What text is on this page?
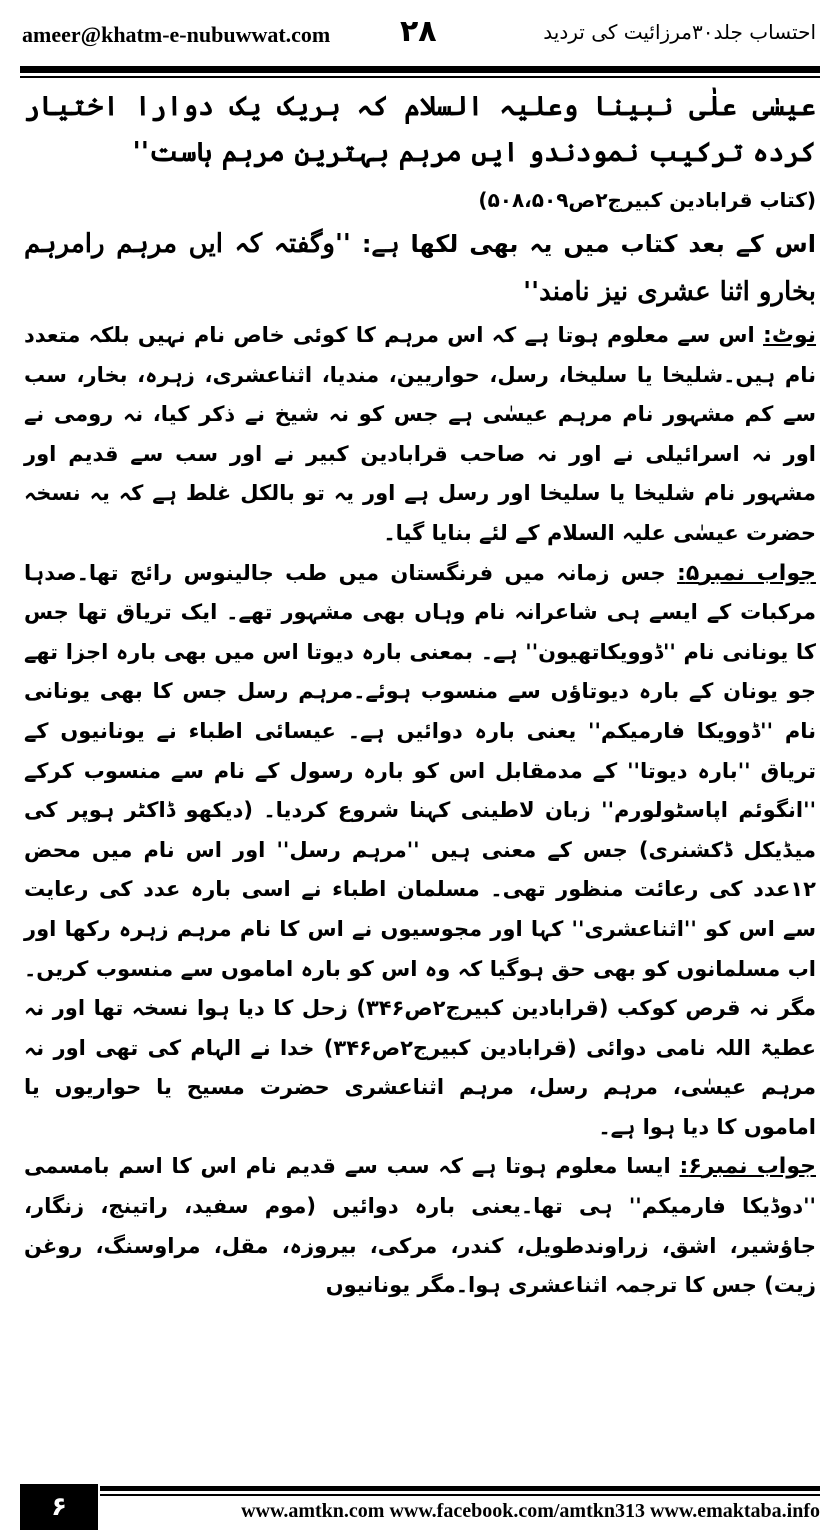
ameer@khatm-e-nubuwwat.com ۲۸	احتساب جلد۳۰مرزائیت کی تردید

عیسٰی علٰی نبینا وعلیہ السلام کہ ہریک یک دوارا اختیار کردہ ترکیب نمودندو ایں مرہم بہترین مرہم ہاست''

(کتاب قرابادین کبیرج۲ص۵۰۸،۵۰۹)

اس کے بعد کتاب میں یہ بھی لکھا ہے: ''وگفتہ کہ ایں مرہم رامرہم بخارو اثنا عشری نیز نامند''

نوٹ: اس سے معلوم ہوتا ہے کہ اس مرہم کا کوئی خاص نام نہیں بلکہ متعدد نام ہیں۔شلیخا یا سلیخا، رسل، حواریین، مندیا، اثناعشری، زہرہ، بخار، سب سے کم مشہور نام مرہم عیسٰی ہے جس کو نہ شیخ نے ذکر کیا، نہ رومی نے اور نہ اسرائیلی نے اور نہ صاحب قرابادین کبیر نے اور سب سے قدیم اور مشہور نام شلیخا یا سلیخا اور رسل ہے اور یہ تو بالکل غلط ہے کہ یہ نسخہ حضرت عیسٰی علیہ السلام کے لئے بنایا گیا۔

جواب نمبر۵: جس زمانہ میں فرنگستان میں طب جالینوس رائج تھا۔صدہا مرکبات کے ایسے ہی شاعرانہ نام وہاں بھی مشہور تھے۔ ایک تریاق تھا جس کا یونانی نام ''ڈوویکاتھیون'' ہے۔ بمعنی بارہ دیوتا اس میں بھی بارہ اجزا تھے جو یونان کے بارہ دیوتاؤں سے منسوب ہوئے۔مرہم رسل جس کا بھی یونانی نام ''ڈوویکا فارمیکم'' یعنی بارہ دوائیں ہے۔ عیسائی اطباء نے یونانیوں کے تریاق ''بارہ دیوتا'' کے مدمقابل اس کو بارہ رسول کے نام سے منسوب کرکے ''انگوئم اپاسٹولورم'' زبان لاطینی کہنا شروع کردیا۔ (دیکھو ڈاکٹر ہوپر کی میڈیکل ڈکشنری) جس کے معنی ہیں ''مرہم رسل'' اور اس نام میں محض ۱۲عدد کی رعائت منظور تھی۔ مسلمان اطباء نے اسی بارہ عدد کی رعایت سے اس کو ''اثناعشری'' کہا اور مجوسیوں نے اس کا نام مرہم زہرہ رکھا اور اب مسلمانوں کو بھی حق ہوگیا کہ وہ اس کو بارہ اماموں سے منسوب کریں۔مگر نہ قرص کوکب (قرابادین کبیرج۲ص۳۴۶) زحل کا دیا ہوا نسخہ تھا اور نہ عطیۃ اللہ نامی دوائی (قرابادین کبیرج۲ص۳۴۶) خدا نے الہام کی تھی اور نہ مرہم عیسٰی، مرہم رسل، مرہم اثناعشری حضرت مسیح یا حواریوں یا اماموں کا دیا ہوا ہے۔

جواب نمبر۶: ایسا معلوم ہوتا ہے کہ سب سے قدیم نام اس کا اسم بامسمی ''دوڈیکا فارمیکم'' ہی تھا۔یعنی بارہ دوائیں (موم سفید، راتینج، زنگار، جاؤشیر، اشق، زراوندطویل، کندر، مرکی، بیروزہ، مقل، مراوسنگ، روغن زیت) جس کا ترجمہ اثناعشری ہوا۔مگر یونانیوں

۶	www.amtkn.com www.facebook.com/amtkn313 www.emaktaba.info
